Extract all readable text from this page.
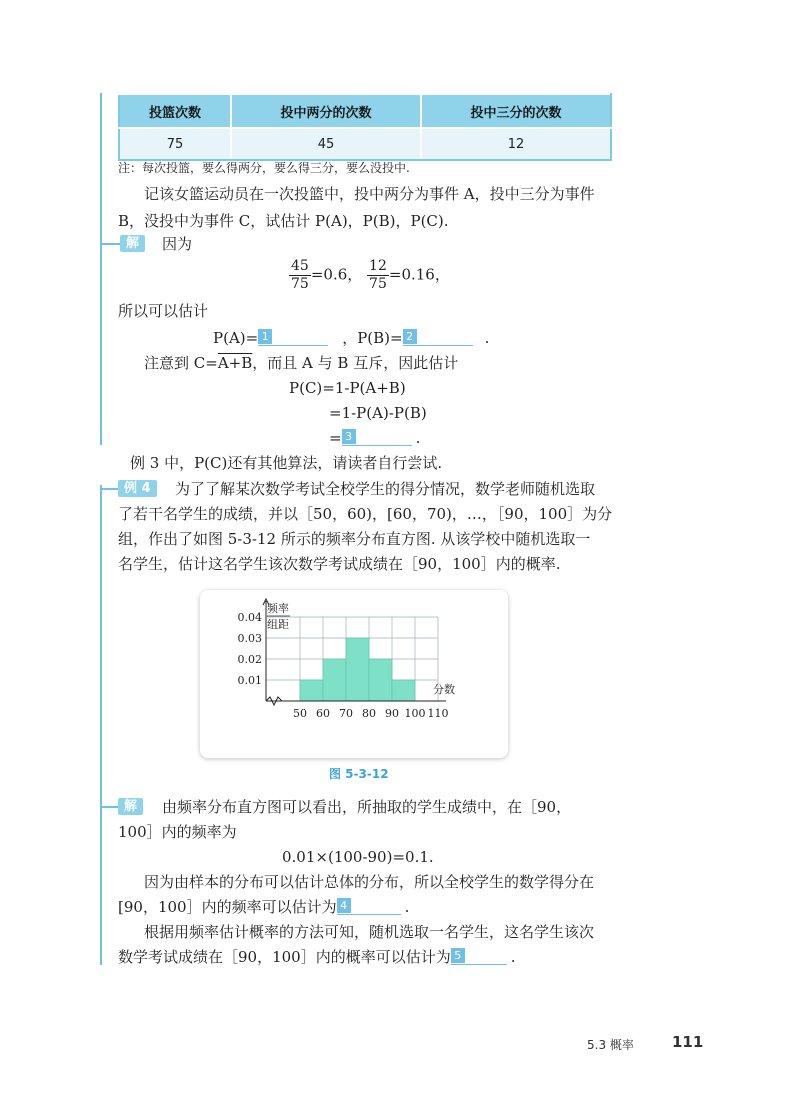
投篮次数	投中两分的次数	投中三分的次数
75	45	12
注：每次投篮，要么得两分，要么得三分，要么没投中.
记该女篮运动员在一次投篮中，投中两分为事件 A，投中三分为事件
B，没投中为事件 C，试估计 P(A)，P(B)，P(C).
解	因为
$\frac{45}{75} =0.6$， $\frac{12}{75} =0.16$，
所以可以估计
P(A)= 1	，P(B)= 2	.
注意到 C=A+B，而且 A 与 B 互斥，因此估计
P(C)=1-P(A+B)
=1-P(A)-P(B)
= 3	.
例 3 中，P(C)还有其他算法，请读者自行尝试.
例 4	为了了解某次数学考试全校学生的得分情况，数学老师随机选取
了若干名学生的成绩，并以［50，60)，[60，70)，…，［90，100］为分
组，作出了如图 5-3-12 所示的频率分布直方图. 从该学校中随机选取一
名学生，估计这名学生该次数学考试成绩在［90，100］内的概率.
0.01
0.02
0.03
0.04
50 60 70 80 90 100 110
频率
组距
分数
图 5-3-12
解	由频率分布直方图可以看出，所抽取的学生成绩中，在［90，
100］内的频率为
0.01×(100-90)=0.1.
因为由样本的分布可以估计总体的分布，所以全校学生的数学得分在
[90，100］内的频率可以估计为 4	.
根据用频率估计概率的方法可知，随机选取一名学生，这名学生该次
数学考试成绩在［90，100］内的概率可以估计为 5	.
5.3 概率	111
